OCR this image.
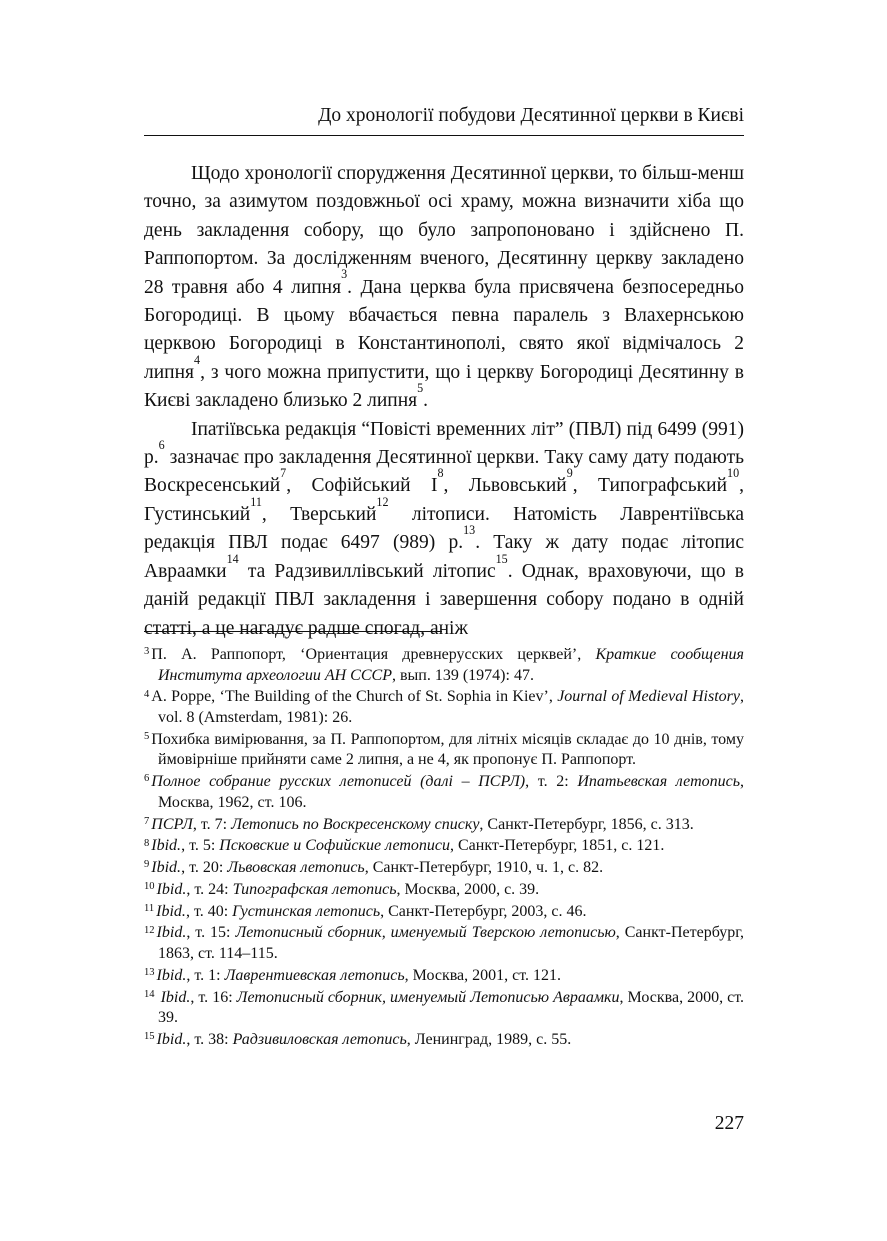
До хронології побудови Десятинної церкви в Києві

Щодо хронології спорудження Десятинної церкви, то більш-менш точно, за азимутом поздовжньої осі храму, можна визначити хіба що день закладення собору, що було запропоновано і здійснено П. Раппопортом. За дослідженням вченого, Десятинну церкву закладено 28 травня або 4 липня$^3$. Дана церква була присвячена безпосередньо Богородиці. В цьому вбачається певна паралель з Влахернською церквою Богородиці в Константинополі, свято якої відмічалось 2 липня$^4$, з чого можна припустити, що і церкву Богородиці Десятинну в Києві закладено близько 2 липня$^5$.

Іпатіївська редакція “Повісті временних літ” (ПВЛ) під 6499 (991) р.$^6$ зазначає про закладення Десятинної церкви. Таку саму дату подають Воскресенський$^7$, Софійський I$^8$, Львовський$^9$, Типографський$^{10}$, Густинський$^{11}$, Тверський$^{12}$ літописи. Натомість Лаврентіївська редакція ПВЛ подає 6497 (989) р.$^{13}$. Таку ж дату подає літопис Авраамки$^{14}$ та Радзивиллівський літопис$^{15}$. Однак, враховуючи, що в даній редакції ПВЛ закладення і завершення собору подано в одній статті, а це нагадує радше спогад, аніж

$^3$ П. А. Раппопорт, ‘Ориентация древнерусских церквей’, Краткие сообщения Института археологии АН СССР, вып. 139 (1974): 47.
$^4$ A. Poppe, ‘The Building of the Church of St. Sophia in Kiev’, Journal of Medieval History, vol. 8 (Amsterdam, 1981): 26.
$^5$ Похибка вимірювання, за П. Раппопортом, для літніх місяців складає до 10 днів, тому ймовірніше прийняти саме 2 липня, а не 4, як пропонує П. Раппопорт.
$^6$ Полное собрание русских летописей (далі – ПСРЛ), т. 2: Ипатьевская летопись, Москва, 1962, ст. 106.
$^7$ ПСРЛ, т. 7: Летопись по Воскресенскому списку, Санкт-Петербург, 1856, с. 313.
$^8$ Ibid., т. 5: Псковские и Софийские летописи, Санкт-Петербург, 1851, с. 121.
$^9$ Ibid., т. 20: Львовская летопись, Санкт-Петербург, 1910, ч. 1, с. 82.
$^{10}$ Ibid., т. 24: Типографская летопись, Москва, 2000, с. 39.
$^{11}$ Ibid., т. 40: Густинская летопись, Санкт-Петербург, 2003, с. 46.
$^{12}$ Ibid., т. 15: Летописный сборник, именуемый Тверскою летописью, Санкт-Петербург, 1863, ст. 114–115.
$^{13}$ Ibid., т. 1: Лаврентиевская летопись, Москва, 2001, ст. 121.
$^{14}$ Ibid., т. 16: Летописный сборник, именуемый Летописью Авраамки, Москва, 2000, ст. 39.
$^{15}$ Ibid., т. 38: Радзивиловская летопись, Ленинград, 1989, с. 55.
227
